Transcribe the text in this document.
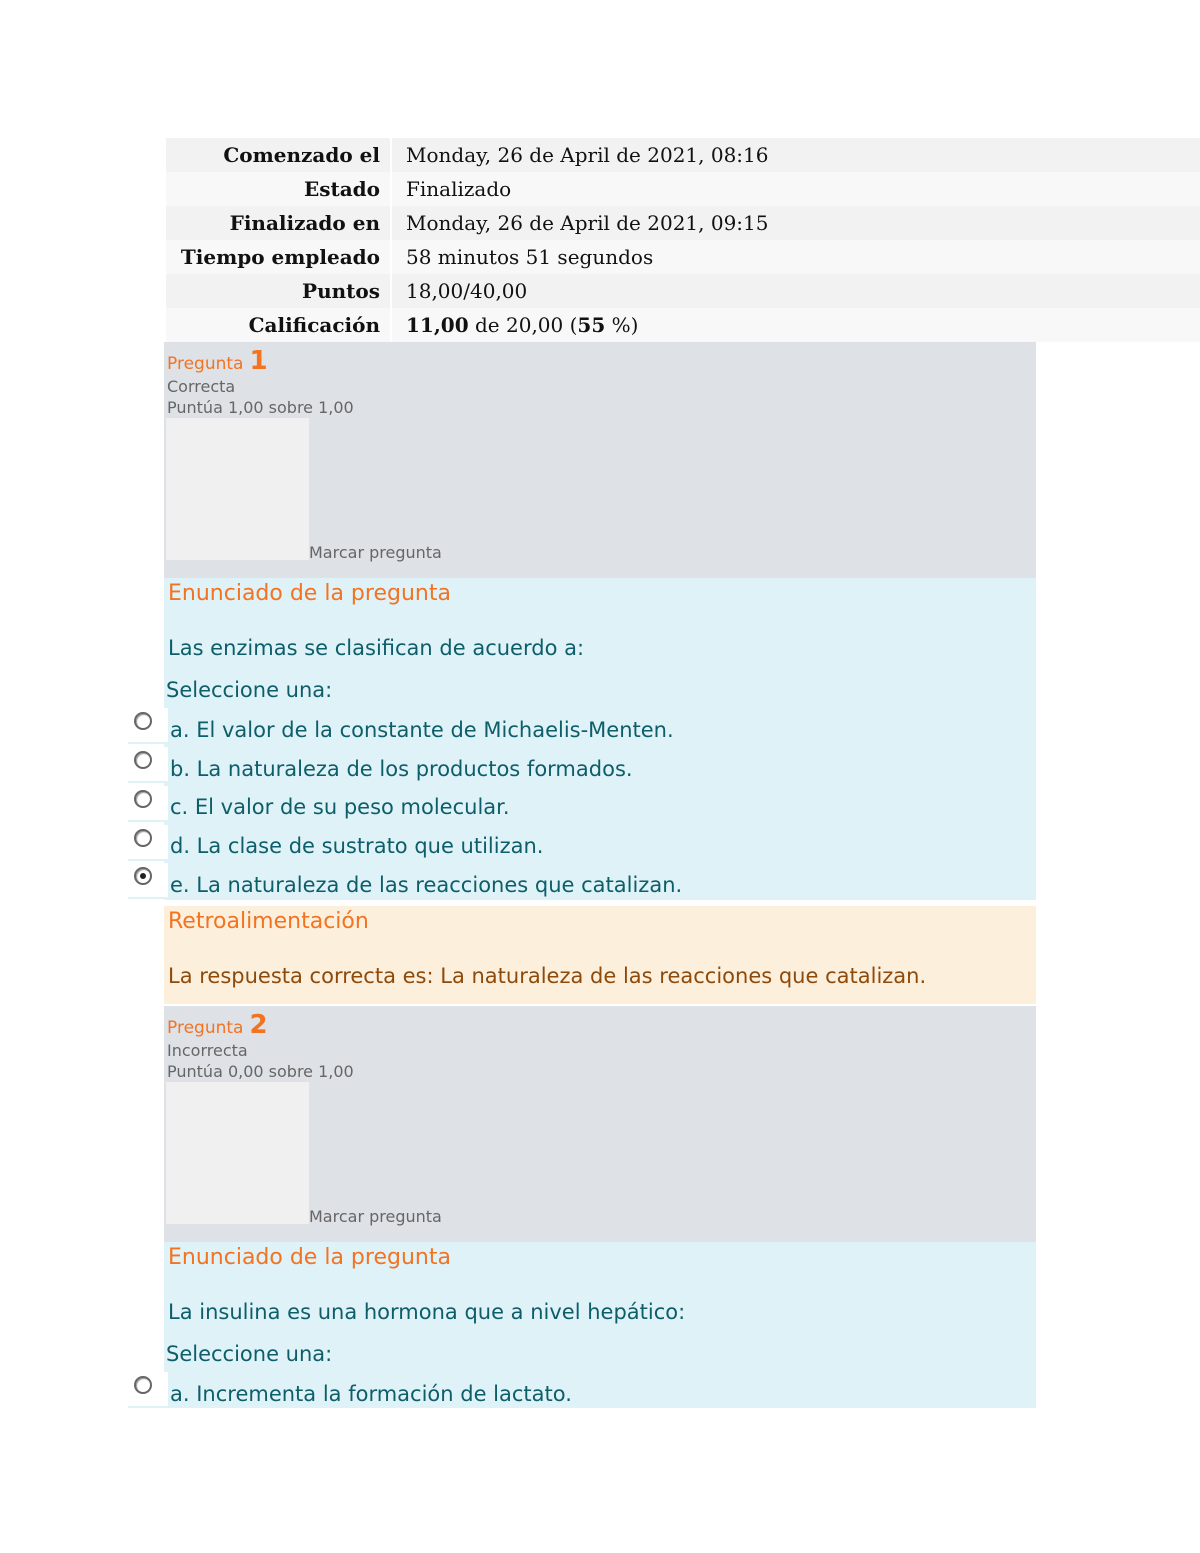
Comenzado el	Monday, 26 de April de 2021, 08:16
Estado	Finalizado
Finalizado en	Monday, 26 de April de 2021, 09:15
Tiempo empleado	58 minutos 51 segundos
Puntos	18,00/40,00
Calificación	11,00 de 20,00 (55 %)
Pregunta 1
Correcta
Puntúa 1,00 sobre 1,00
Marcar pregunta
Enunciado de la pregunta
Las enzimas se clasifican de acuerdo a:
Seleccione una:
a. El valor de la constante de Michaelis-Menten.
b. La naturaleza de los productos formados.
c. El valor de su peso molecular.
d. La clase de sustrato que utilizan.
e. La naturaleza de las reacciones que catalizan.
Retroalimentación
La respuesta correcta es: La naturaleza de las reacciones que catalizan.
Pregunta 2
Incorrecta
Puntúa 0,00 sobre 1,00
Marcar pregunta
Enunciado de la pregunta
La insulina es una hormona que a nivel hepático:
Seleccione una:
a. Incrementa la formación de lactato.
